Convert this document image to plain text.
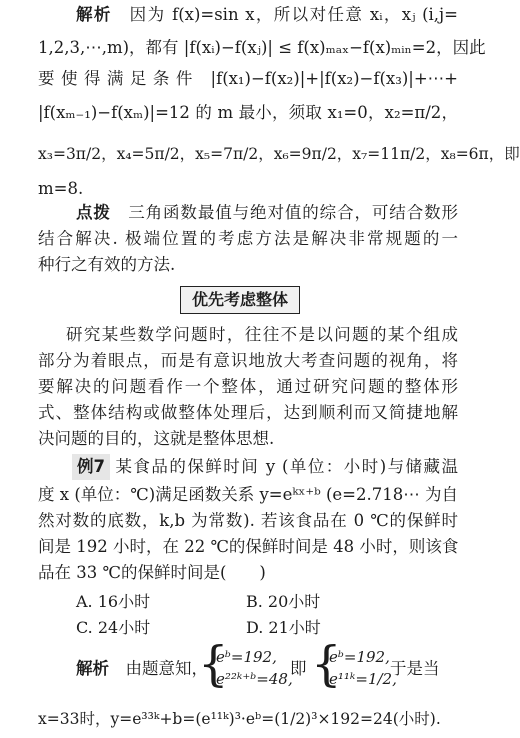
解析　 因为 f(x)=sin x，所以对任意 xᵢ，xⱼ (i,j=
1,2,3,⋯,m)，都有 |f(xᵢ)−f(xⱼ)| ≤ f(x)ₘₐₓ−f(x)ₘᵢₙ=2，因此
要使得满足条件 |f(x₁)−f(x₂)|+|f(x₂)−f(x₃)|+⋯+
|f(xₘ₋₁)−f(xₘ)|=12 的 m 最小，须取 x₁=0，x₂=π/2，
x₃=3π/2，x₄=5π/2，x₅=7π/2，x₆=9π/2，x₇=11π/2，x₈=6π，即
m=8.
点拨　 三角函数最值与绝对值的综合，可结合数形
结合解决. 极端位置的考虑方法是解决非常规题的一
种行之有效的方法.
优先考虑整体
研究某些数学问题时，往往不是以问题的某个组成
部分为着眼点，而是有意识地放大考查问题的视角，将
要解决的问题看作一个整体，通过研究问题的整体形
式、整体结构或做整体处理后，达到顺利而又简捷地解
决问题的目的，这就是整体思想.
例7 某食品的保鲜时间 y (单位：小时)与储藏温
度 x (单位：℃)满足函数关系 y=eᵏˣ⁺ᵇ (e=2.718⋯ 为自
然对数的底数，k,b 为常数). 若该食品在 0 ℃的保鲜时
间是 192 小时，在 22 ℃的保鲜时间是 48 小时，则该食
品在 33 ℃的保鲜时间是(　　)
A. 16小时	B. 20小时
C. 24小时	D. 21小时
解析　 由题意知，
{
eᵇ=192,
e²²ᵏ⁺ᵇ=48,
即 {
eᵇ=192,
e¹¹ᵏ=1/2,
于是当
x=33时，y=e³³ᵏ+b=(e¹¹ᵏ)³·eᵇ=(1/2)³×192=24(小时).
